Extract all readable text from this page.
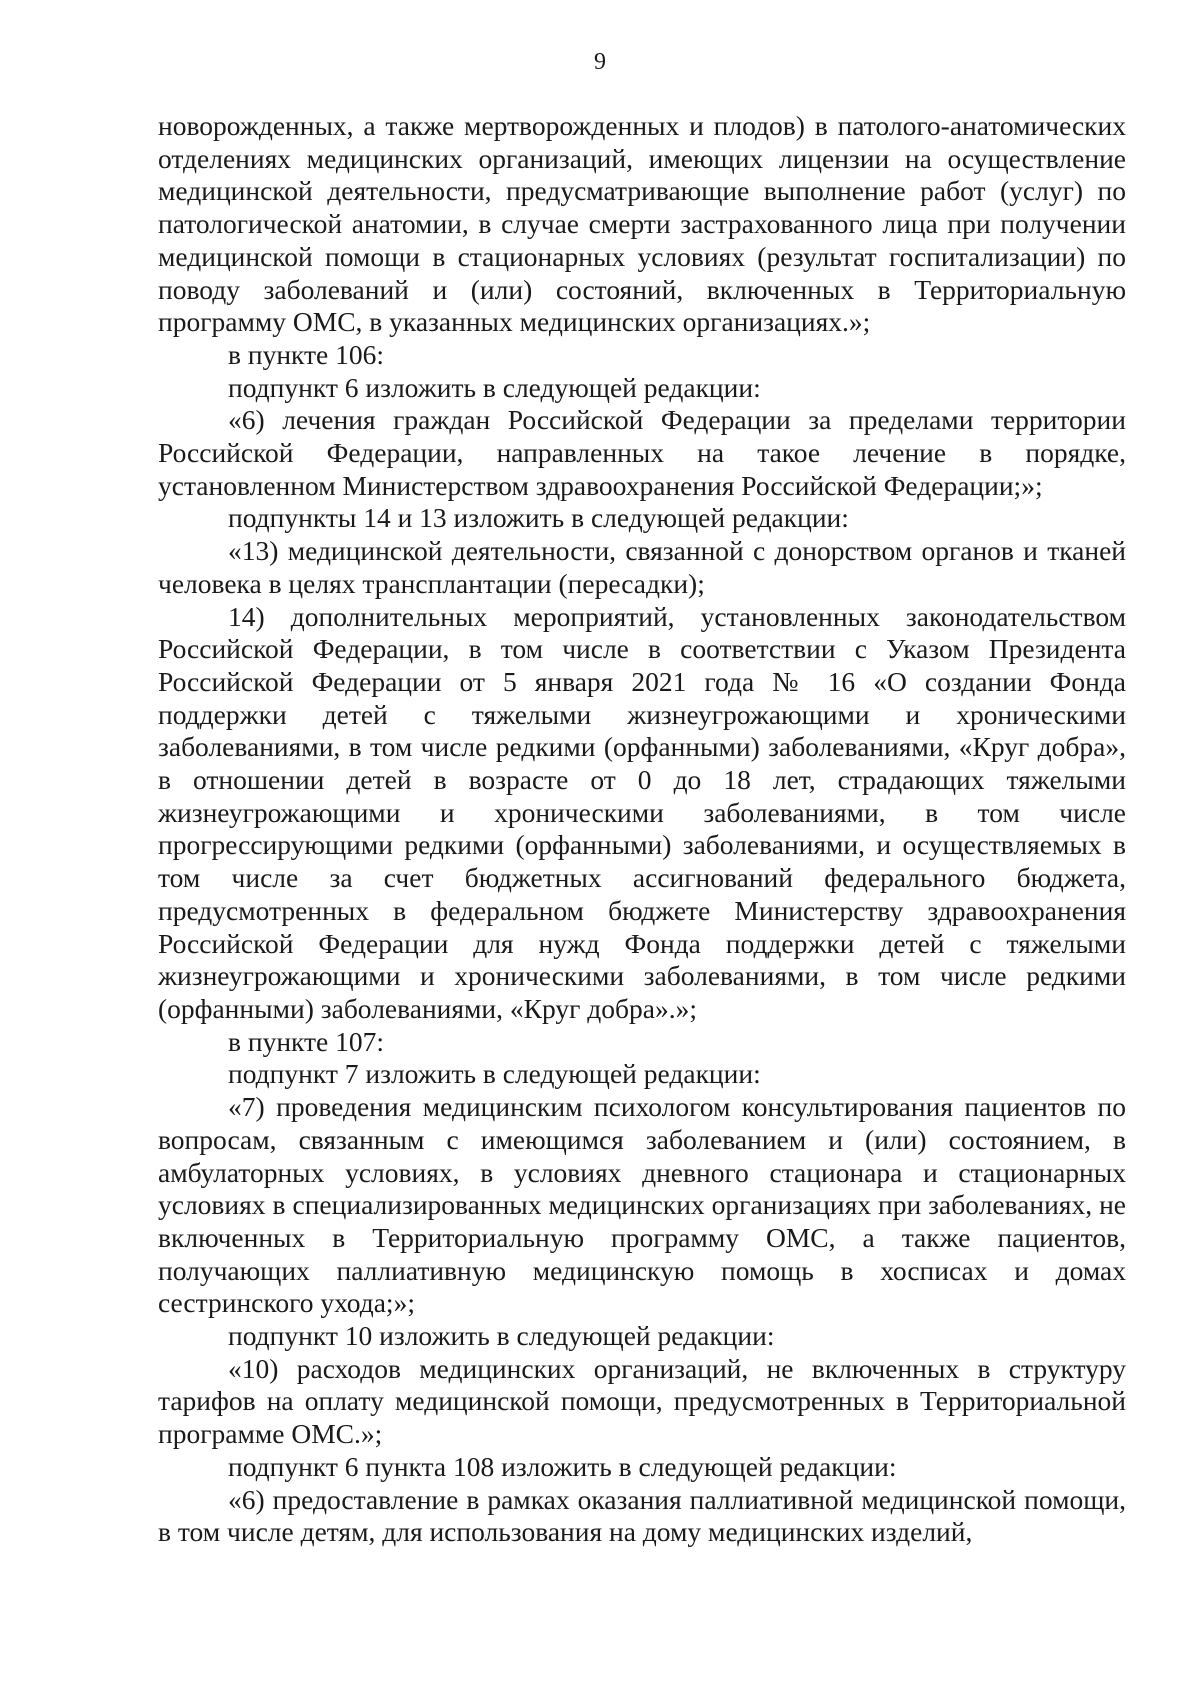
9

новорожденных, а также мертворожденных и плодов) в патолого-анатомических отделениях медицинских организаций, имеющих лицензии на осуществление медицинской деятельности, предусматривающие выполнение работ (услуг) по патологической анатомии, в случае смерти застрахованного лица при получении медицинской помощи в стационарных условиях (результат госпитализации) по поводу заболеваний и (или) состояний, включенных в Территориальную программу ОМС, в указанных медицинских организациях.»;

в пункте 106:

подпункт 6 изложить в следующей редакции:

«6) лечения граждан Российской Федерации за пределами территории Российской Федерации, направленных на такое лечение в порядке, установленном Министерством здравоохранения Российской Федерации;»;

подпункты 14 и 13 изложить в следующей редакции:

«13) медицинской деятельности, связанной с донорством органов и тканей человека в целях трансплантации (пересадки);

14) дополнительных мероприятий, установленных законодательством Российской Федерации, в том числе в соответствии с Указом Президента Российской Федерации от 5 января 2021 года № 16 «О создании Фонда поддержки детей с тяжелыми жизнеугрожающими и хроническими заболеваниями, в том числе редкими (орфанными) заболеваниями, «Круг добра», в отношении детей в возрасте от 0 до 18 лет, страдающих тяжелыми жизнеугрожающими и хроническими заболеваниями, в том числе прогрессирующими редкими (орфанными) заболеваниями, и осуществляемых в том числе за счет бюджетных ассигнований федерального бюджета, предусмотренных в федеральном бюджете Министерству здравоохранения Российской Федерации для нужд Фонда поддержки детей с тяжелыми жизнеугрожающими и хроническими заболеваниями, в том числе редкими (орфанными) заболеваниями, «Круг добра».»;

в пункте 107:

подпункт 7 изложить в следующей редакции:

«7) проведения медицинским психологом консультирования пациентов по вопросам, связанным с имеющимся заболеванием и (или) состоянием, в амбулаторных условиях, в условиях дневного стационара и стационарных условиях в специализированных медицинских организациях при заболеваниях, не включенных в Территориальную программу ОМС, а также пациентов, получающих паллиативную медицинскую помощь в хосписах и домах сестринского ухода;»;

подпункт 10 изложить в следующей редакции:

«10) расходов медицинских организаций, не включенных в структуру тарифов на оплату медицинской помощи, предусмотренных в Территориальной программе ОМС.»;

подпункт 6 пункта 108 изложить в следующей редакции:

«6) предоставление в рамках оказания паллиативной медицинской помощи, в том числе детям, для использования на дому медицинских изделий,
